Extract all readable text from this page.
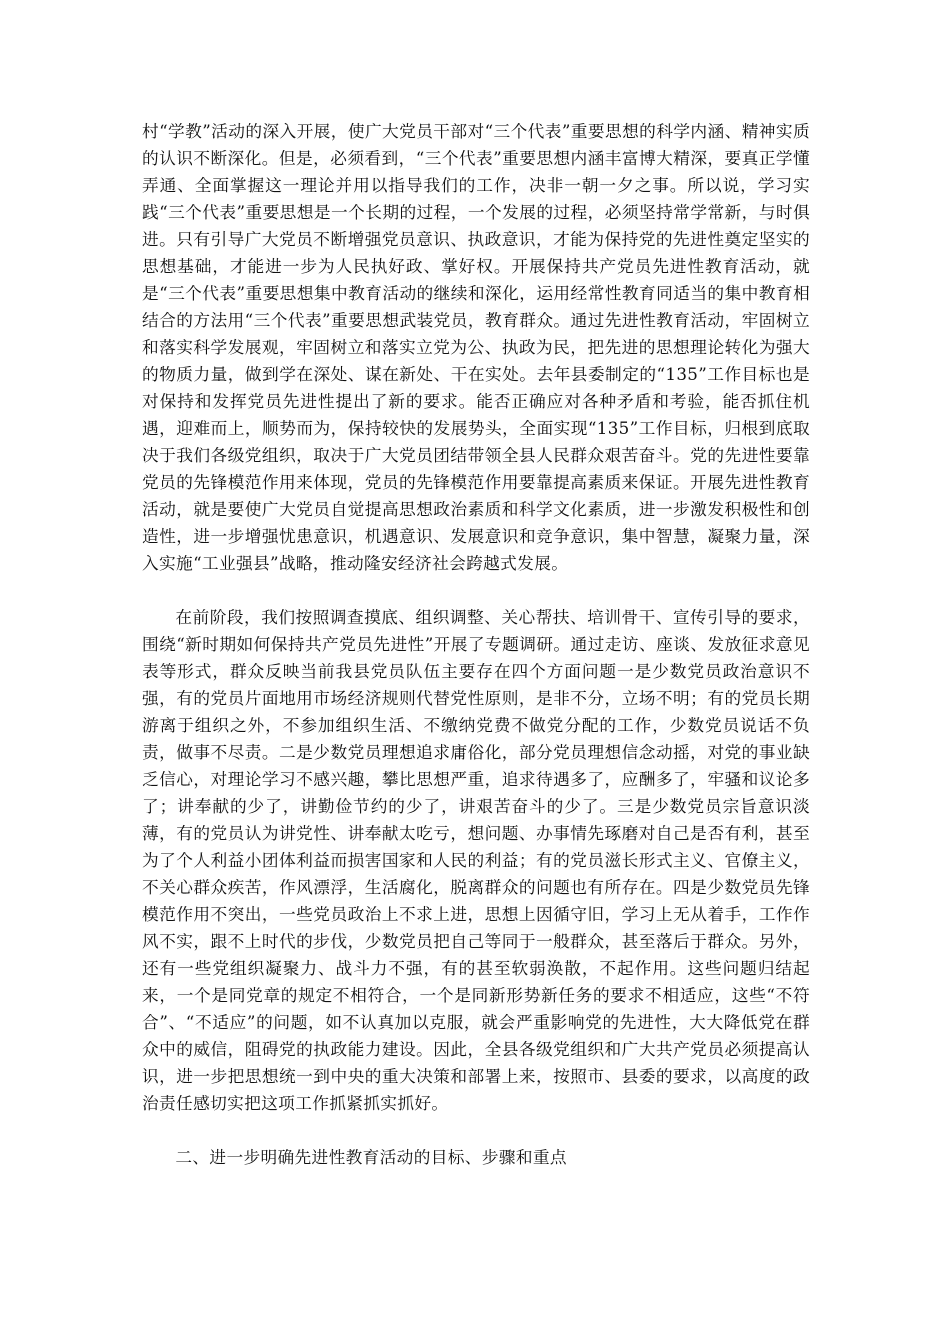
村“学教”活动的深入开展，使广大党员干部对“三个代表”重要思想的科学内涵、精神实质的认识不断深化。但是，必须看到，“三个代表”重要思想内涵丰富博大精深，要真正学懂弄通、全面掌握这一理论并用以指导我们的工作，决非一朝一夕之事。所以说，学习实践“三个代表”重要思想是一个长期的过程，一个发展的过程，必须坚持常学常新，与时俱进。只有引导广大党员不断增强党员意识、执政意识，才能为保持党的先进性奠定坚实的思想基础，才能进一步为人民执好政、掌好权。开展保持共产党员先进性教育活动，就是“三个代表”重要思想集中教育活动的继续和深化，运用经常性教育同适当的集中教育相结合的方法用“三个代表”重要思想武装党员，教育群众。通过先进性教育活动，牢固树立和落实科学发展观，牢固树立和落实立党为公、执政为民，把先进的思想理论转化为强大的物质力量，做到学在深处、谋在新处、干在实处。去年县委制定的“135”工作目标也是对保持和发挥党员先进性提出了新的要求。能否正确应对各种矛盾和考验，能否抓住机遇，迎难而上，顺势而为，保持较快的发展势头，全面实现“135”工作目标，归根到底取决于我们各级党组织，取决于广大党员团结带领全县人民群众艰苦奋斗。党的先进性要靠党员的先锋模范作用来体现，党员的先锋模范作用要靠提高素质来保证。开展先进性教育活动，就是要使广大党员自觉提高思想政治素质和科学文化素质，进一步激发积极性和创造性，进一步增强忧患意识，机遇意识、发展意识和竞争意识，集中智慧，凝聚力量，深入实施“工业强县”战略，推动隆安经济社会跨越式发展。

在前阶段，我们按照调查摸底、组织调整、关心帮扶、培训骨干、宣传引导的要求，围绕“新时期如何保持共产党员先进性”开展了专题调研。通过走访、座谈、发放征求意见表等形式，群众反映当前我县党员队伍主要存在四个方面问题一是少数党员政治意识不强，有的党员片面地用市场经济规则代替党性原则，是非不分，立场不明；有的党员长期游离于组织之外，不参加组织生活、不缴纳党费不做党分配的工作，少数党员说话不负责，做事不尽责。二是少数党员理想追求庸俗化，部分党员理想信念动摇，对党的事业缺乏信心，对理论学习不感兴趣，攀比思想严重，追求待遇多了，应酬多了，牢骚和议论多了；讲奉献的少了，讲勤俭节约的少了，讲艰苦奋斗的少了。三是少数党员宗旨意识淡薄，有的党员认为讲党性、讲奉献太吃亏，想问题、办事情先琢磨对自己是否有利，甚至为了个人利益小团体利益而损害国家和人民的利益；有的党员滋长形式主义、官僚主义，不关心群众疾苦，作风漂浮，生活腐化，脱离群众的问题也有所存在。四是少数党员先锋模范作用不突出，一些党员政治上不求上进，思想上因循守旧，学习上无从着手，工作作风不实，跟不上时代的步伐，少数党员把自己等同于一般群众，甚至落后于群众。另外，还有一些党组织凝聚力、战斗力不强，有的甚至软弱涣散，不起作用。这些问题归结起来，一个是同党章的规定不相符合，一个是同新形势新任务的要求不相适应，这些“不符合”、“不适应”的问题，如不认真加以克服，就会严重影响党的先进性，大大降低党在群众中的威信，阻碍党的执政能力建设。因此，全县各级党组织和广大共产党员必须提高认识，进一步把思想统一到中央的重大决策和部署上来，按照市、县委的要求，以高度的政治责任感切实把这项工作抓紧抓实抓好。

二、进一步明确先进性教育活动的目标、步骤和重点
